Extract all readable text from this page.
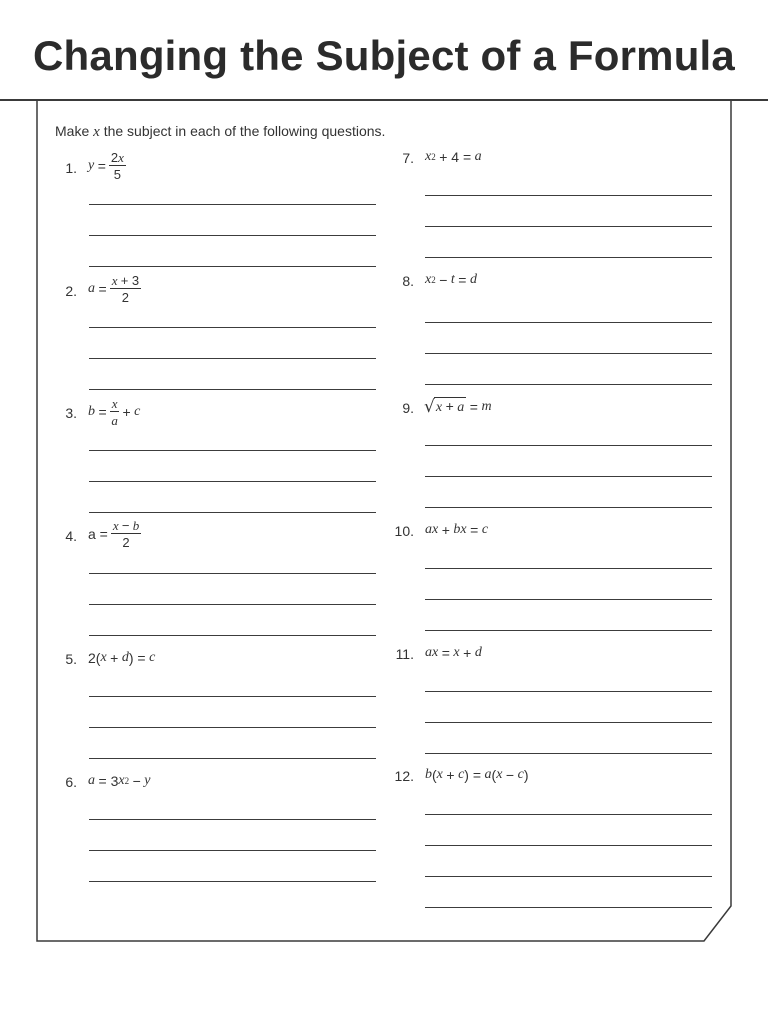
Changing the Subject of a Formula
Make x the subject in each of the following questions.
1. $y = \frac{2x}{5}$
2. $a = \frac{x + 3}{2}$
3. $b = \frac{x}{a} + c$
4. $a = \frac{x - b}{2}$
5. 2( x + d ) = c
6. a = 3 x 2
− y
7. x 2
+ 4 = a
8. x 2
− t = d
9. √ x + a
= m
10. ax + bx = c
11. ax = x + d
12. b ( x + c ) = a ( x − c )
